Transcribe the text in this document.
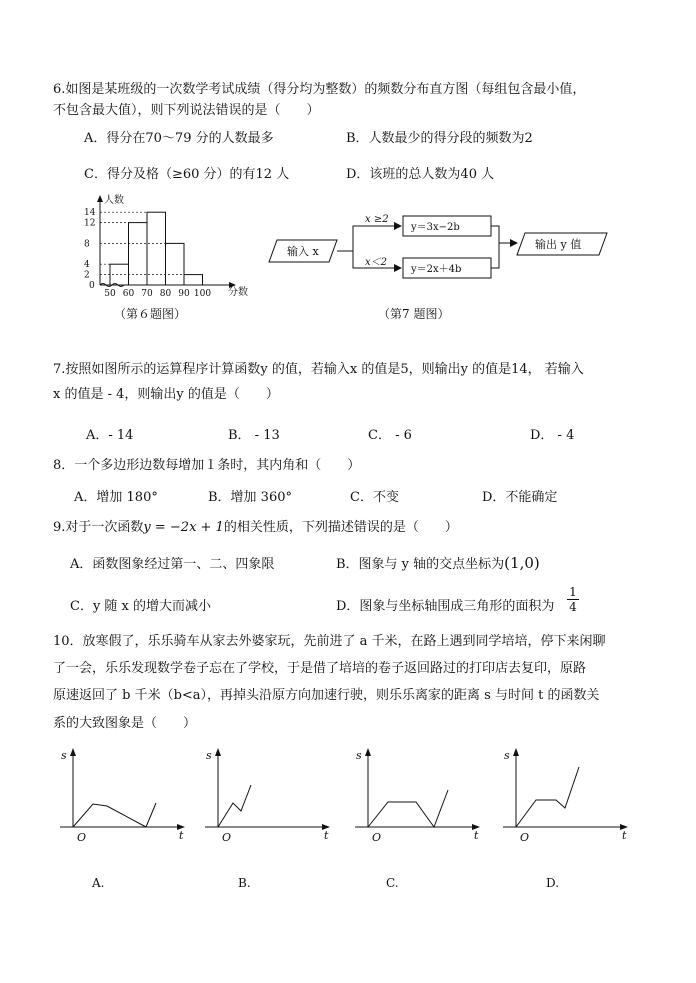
6.如图是某班级的一次数学考试成绩（得分均为整数）的频数分布直方图（每组包含最小值，
不包含最大值），则下列说法错误的是（　　）
A．得分在70～79 分的人数最多	B．人数最少的得分段的频数为2
C．得分及格（≥60 分）的有12 人	D．该班的总人数为40 人
2
4
8
12
14
50 60 70 80 90 100
人数
分数
0
（第６题图）
输入 x
x ≥2
x＜2
y＝3x−2b
y＝2x＋4b
输出 y 值
（第7 题图）
7.按照如图所示的运算程序计算函数y 的值，若输入x 的值是5，则输出y 的值是14， 若输入
x 的值是 - 4，则输出y 的值是（　　）
A．- 14	B． - 13	C． - 6	D． - 4
8．一个多边形边数每增加１条时，其内角和（　　）
A．增加 180°	B．增加 360°	C．不变	D．不能确定
9.对于一次函数y = −2x + 1的相关性质，下列描述错误的是（　　）
A．函数图象经过第一、二、四象限	B．图象与 y 轴的交点坐标为(1,0)
C．y 随 x 的增大而减小	D．图象与坐标轴围成三角形的面积为
1
4
10．放寒假了，乐乐骑车从家去外婆家玩，先前进了 a 千米，在路上遇到同学培培，停下来闲聊
了一会，乐乐发现数学卷子忘在了学校，于是借了培培的卷子返回路过的打印店去复印，原路
原速返回了 b 千米（b<a），再掉头沿原方向加速行驶，则乐乐离家的距离 s 与时间 t 的函数关
系的大致图象是（　　）
s
t
O
s
t
O
s
t
O
s
t
O
A.	B.	C.	D.
